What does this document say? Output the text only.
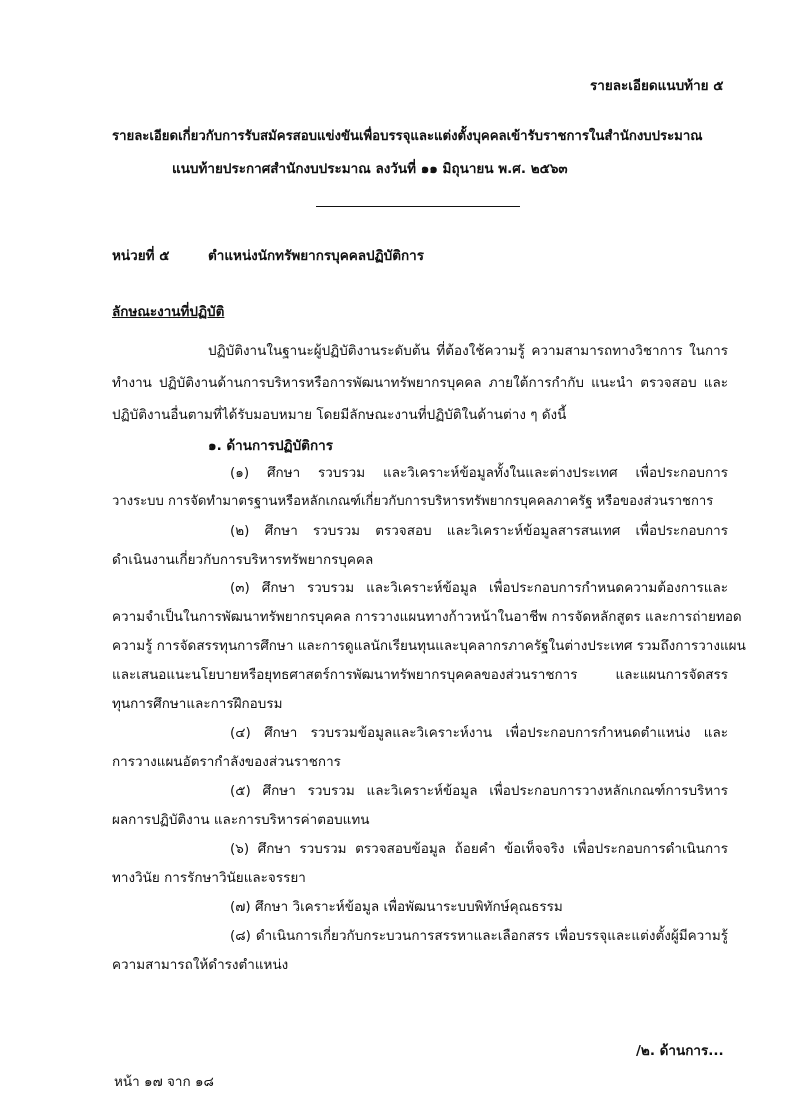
รายละเอียดแนบท้าย ๕
รายละเอียดเกี่ยวกับการรับสมัครสอบแข่งขันเพื่อบรรจุและแต่งตั้งบุคคลเข้ารับราชการในสำนักงบประมาณ
แนบท้ายประกาศสำนักงบประมาณ ลงวันที่ ๑๑ มิถุนายน พ.ศ. ๒๕๖๓
หน่วยที่ ๕	ตำแหน่งนักทรัพยากรบุคคลปฏิบัติการ
ลักษณะงานที่ปฏิบัติ
ปฏิบัติงานในฐานะผู้ปฏิบัติงานระดับต้น ที่ต้องใช้ความรู้ ความสามารถทางวิชาการ ในการ
ทำงาน ปฏิบัติงานด้านการบริหารหรือการพัฒนาทรัพยากรบุคคล ภายใต้การกำกับ แนะนำ ตรวจสอบ และ
ปฏิบัติงานอื่นตามที่ได้รับมอบหมาย โดยมีลักษณะงานที่ปฏิบัติในด้านต่าง ๆ ดังนี้
๑. ด้านการปฏิบัติการ
(๑) ศึกษา รวบรวม และวิเคราะห์ข้อมูลทั้งในและต่างประเทศ เพื่อประกอบการ
วางระบบ การจัดทำมาตรฐานหรือหลักเกณฑ์เกี่ยวกับการบริหารทรัพยากรบุคคลภาครัฐ หรือของส่วนราชการ
(๒) ศึกษา รวบรวม ตรวจสอบ และวิเคราะห์ข้อมูลสารสนเทศ เพื่อประกอบการ
ดำเนินงานเกี่ยวกับการบริหารทรัพยากรบุคคล
(๓) ศึกษา รวบรวม และวิเคราะห์ข้อมูล เพื่อประกอบการกำหนดความต้องการและ
ความจำเป็นในการพัฒนาทรัพยากรบุคคล การวางแผนทางก้าวหน้าในอาชีพ การจัดหลักสูตร และการถ่ายทอด
ความรู้ การจัดสรรทุนการศึกษา และการดูแลนักเรียนทุนและบุคลากรภาครัฐในต่างประเทศ รวมถึงการวางแผน
และเสนอแนะนโยบายหรือยุทธศาสตร์การพัฒนาทรัพยากรบุคคลของส่วนราชการ และแผนการจัดสรร
ทุนการศึกษาและการฝึกอบรม
(๔) ศึกษา รวบรวมข้อมูลและวิเคราะห์งาน เพื่อประกอบการกำหนดตำแหน่ง และ
การวางแผนอัตรากำลังของส่วนราชการ
(๕) ศึกษา รวบรวม และวิเคราะห์ข้อมูล เพื่อประกอบการวางหลักเกณฑ์การบริหาร
ผลการปฏิบัติงาน และการบริหารค่าตอบแทน
(๖) ศึกษา รวบรวม ตรวจสอบข้อมูล ถ้อยคำ ข้อเท็จจริง เพื่อประกอบการดำเนินการ
ทางวินัย การรักษาวินัยและจรรยา
(๗) ศึกษา วิเคราะห์ข้อมูล เพื่อพัฒนาระบบพิทักษ์คุณธรรม
(๘) ดำเนินการเกี่ยวกับกระบวนการสรรหาและเลือกสรร เพื่อบรรจุและแต่งตั้งผู้มีความรู้
ความสามารถให้ดำรงตำแหน่ง
/๒. ด้านการ...
หน้า ๑๗ จาก ๑๘
